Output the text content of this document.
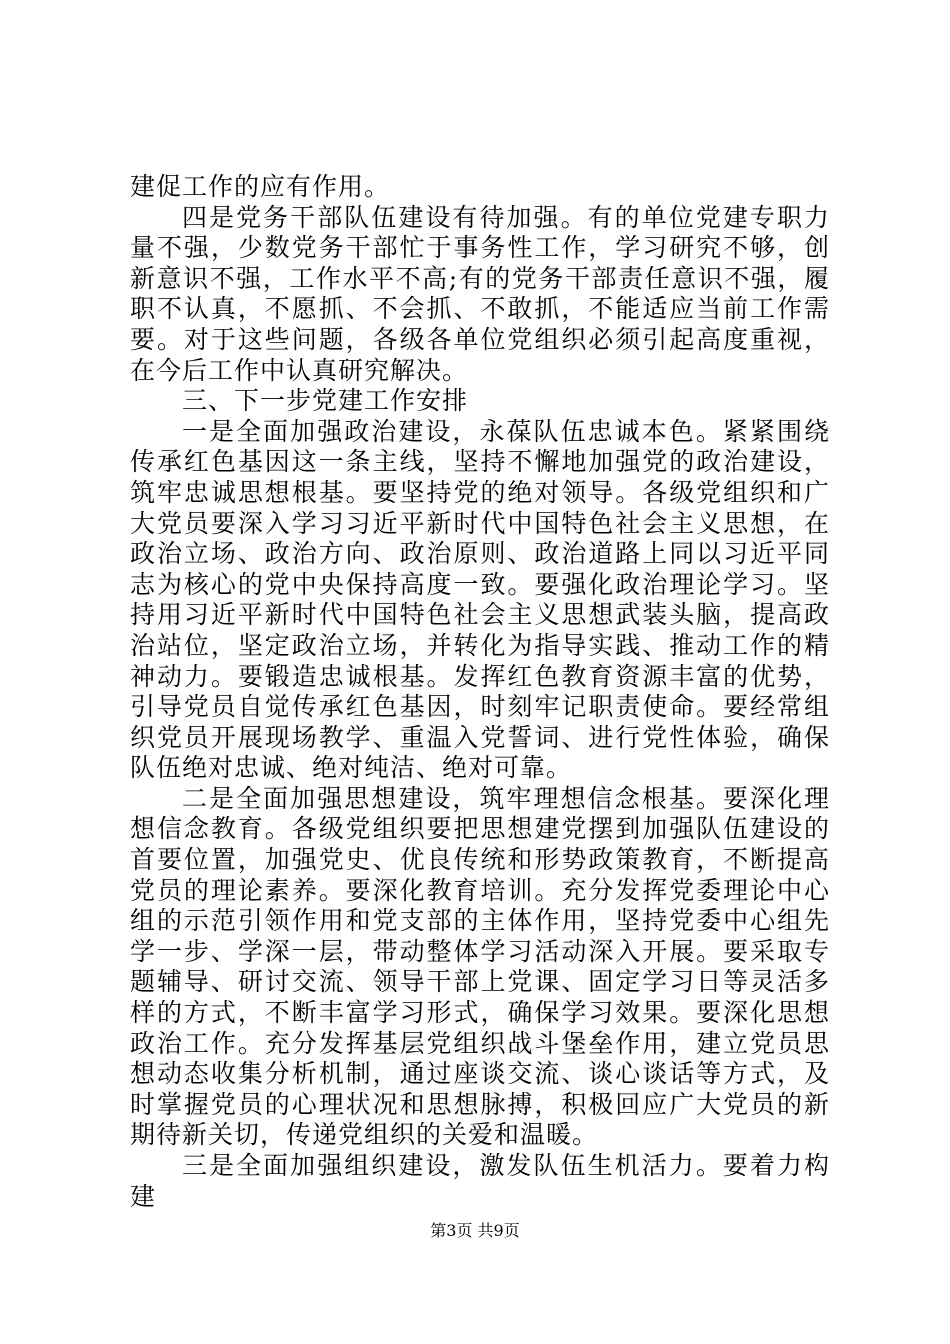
建促工作的应有作用。

四是党务干部队伍建设有待加强。有的单位党建专职力量不强，少数党务干部忙于事务性工作，学习研究不够，创新意识不强，工作水平不高;有的党务干部责任意识不强，履职不认真，不愿抓、不会抓、不敢抓，不能适应当前工作需要。对于这些问题，各级各单位党组织必须引起高度重视，在今后工作中认真研究解决。

三、下一步党建工作安排

一是全面加强政治建设，永葆队伍忠诚本色。紧紧围绕传承红色基因这一条主线，坚持不懈地加强党的政治建设，筑牢忠诚思想根基。要坚持党的绝对领导。各级党组织和广大党员要深入学习习近平新时代中国特色社会主义思想，在政治立场、政治方向、政治原则、政治道路上同以习近平同志为核心的党中央保持高度一致。要强化政治理论学习。坚持用习近平新时代中国特色社会主义思想武装头脑，提高政治站位，坚定政治立场，并转化为指导实践、推动工作的精神动力。要锻造忠诚根基。发挥红色教育资源丰富的优势，引导党员自觉传承红色基因，时刻牢记职责使命。要经常组织党员开展现场教学、重温入党誓词、进行党性体验，确保队伍绝对忠诚、绝对纯洁、绝对可靠。

二是全面加强思想建设，筑牢理想信念根基。要深化理想信念教育。各级党组织要把思想建党摆到加强队伍建设的首要位置，加强党史、优良传统和形势政策教育，不断提高党员的理论素养。要深化教育培训。充分发挥党委理论中心组的示范引领作用和党支部的主体作用，坚持党委中心组先学一步、学深一层，带动整体学习活动深入开展。要采取专题辅导、研讨交流、领导干部上党课、固定学习日等灵活多样的方式，不断丰富学习形式，确保学习效果。要深化思想政治工作。充分发挥基层党组织战斗堡垒作用，建立党员思想动态收集分析机制，通过座谈交流、谈心谈话等方式，及时掌握党员的心理状况和思想脉搏，积极回应广大党员的新期待新关切，传递党组织的关爱和温暖。

三是全面加强组织建设，激发队伍生机活力。要着力构建

第3页 共9页
